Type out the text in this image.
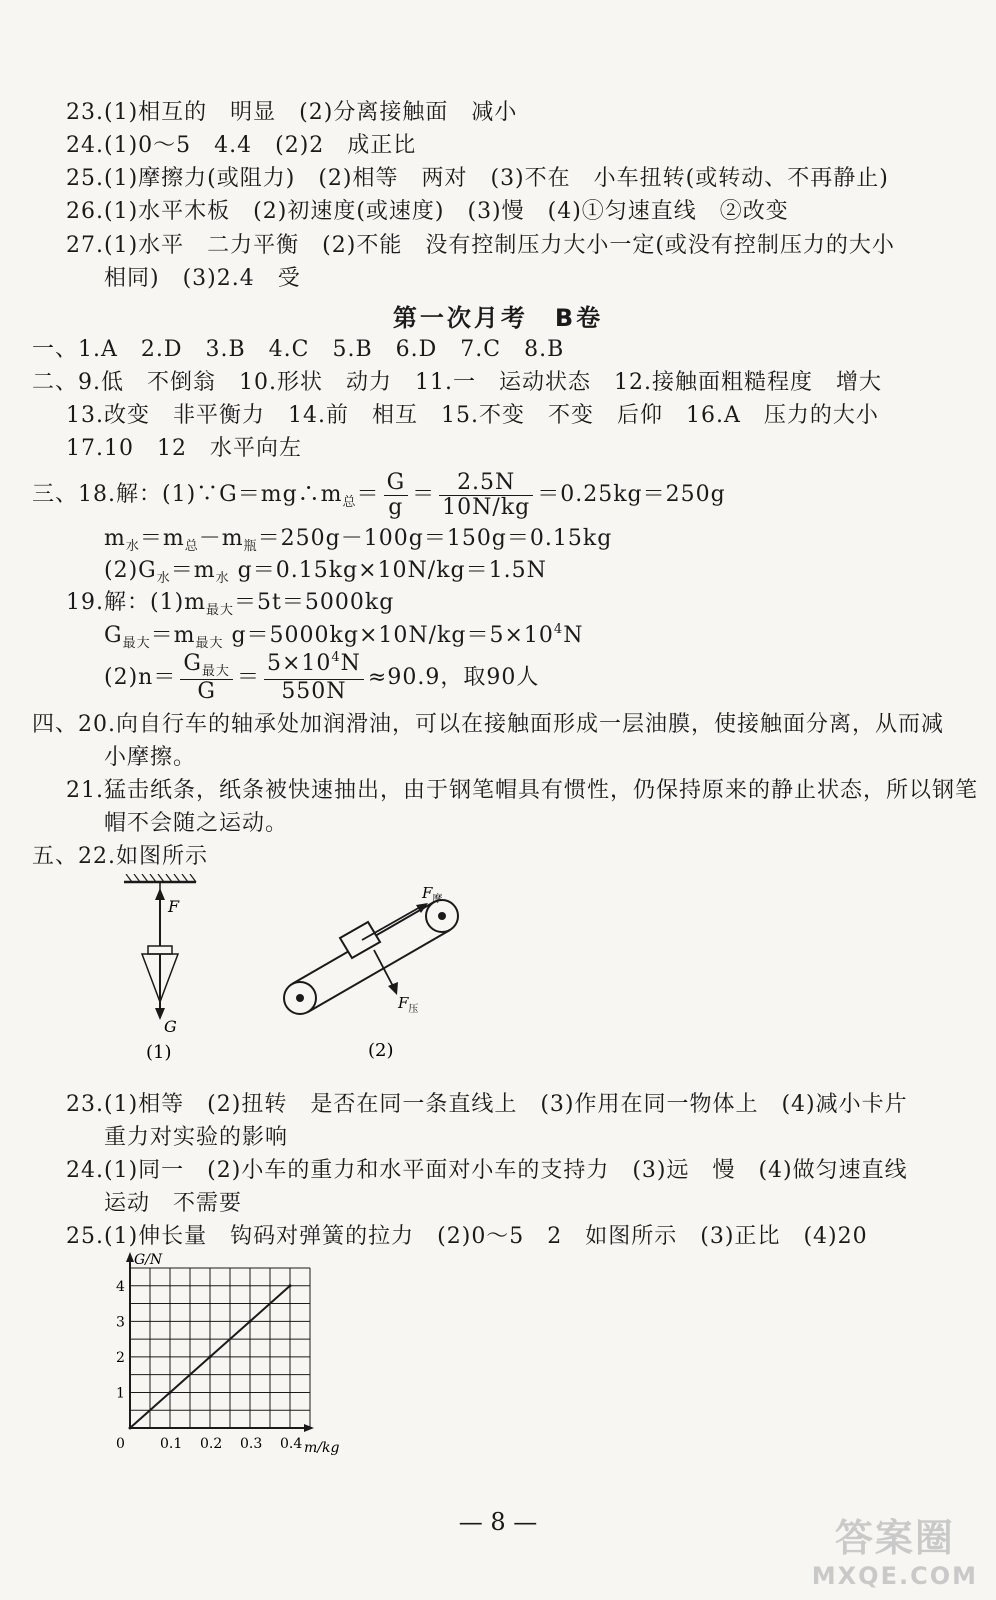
23.(1)相互的　明显　(2)分离接触面　减小
24.(1)0～5　4.4　(2)2　成正比
25.(1)摩擦力(或阻力)　(2)相等　两对　(3)不在　小车扭转(或转动、不再静止)
26.(1)水平木板　(2)初速度(或速度)　(3)慢　(4)①匀速直线　②改变
27.(1)水平　二力平衡　(2)不能　没有控制压力大小一定(或没有控制压力的大小
相同)　(3)2.4　受
第一次月考　B卷
一、1.A　2.D　3.B　4.C　5.B　6.D　7.C　8.B
二、9.低　不倒翁　10.形状　动力　11.一　运动状态　12.接触面粗糙程度　增大
13.改变　非平衡力　14.前　相互　15.不变　不变　后仰　16.A　压力的大小
17.10　12　水平向左
三、18.解：$(1)\because G=mg\therefore m_总= \frac{G}{g} = \frac{2.5N}{10N/kg} =0.25kg=250g$
$m_水=m_总-m_瓶=250g-100g=150g=0.15kg$
$(2)G_水=m_水$ g＝0.15kg×10N/kg＝1.5N
19.解：$(1)m_{最大}=5t=5000kg$
$G_{最大}=m_{最大}$ $g=5000kg\times 10N/kg=5\times 10^4N$
$(2)n= \frac{G_{最大}}{G} = \frac{5\times 10^4N}{550N} \approx 90.9$，取90人
四、20.向自行车的轴承处加润滑油，可以在接触面形成一层油膜，使接触面分离，从而减
小摩擦。
21.猛击纸条，纸条被快速抽出，由于钢笔帽具有惯性，仍保持原来的静止状态，所以钢笔
帽不会随之运动。
五、22.如图所示
F
G
(1)
$F_摩$
$F_压$
(2)
23.(1)相等　(2)扭转　是否在同一条直线上　(3)作用在同一物体上　(4)减小卡片
重力对实验的影响
24.(1)同一　(2)小车的重力和水平面对小车的支持力　(3)远　慢　(4)做匀速直线
运动　不需要
25.(1)伸长量　钩码对弹簧的拉力　(2)0～5　2　如图所示　(3)正比　(4)20
0	0.1 0.2 0.3 0.4
1
2
3
4
m/kg
G/N
— 8 —	答案圈
MXQE.COM
